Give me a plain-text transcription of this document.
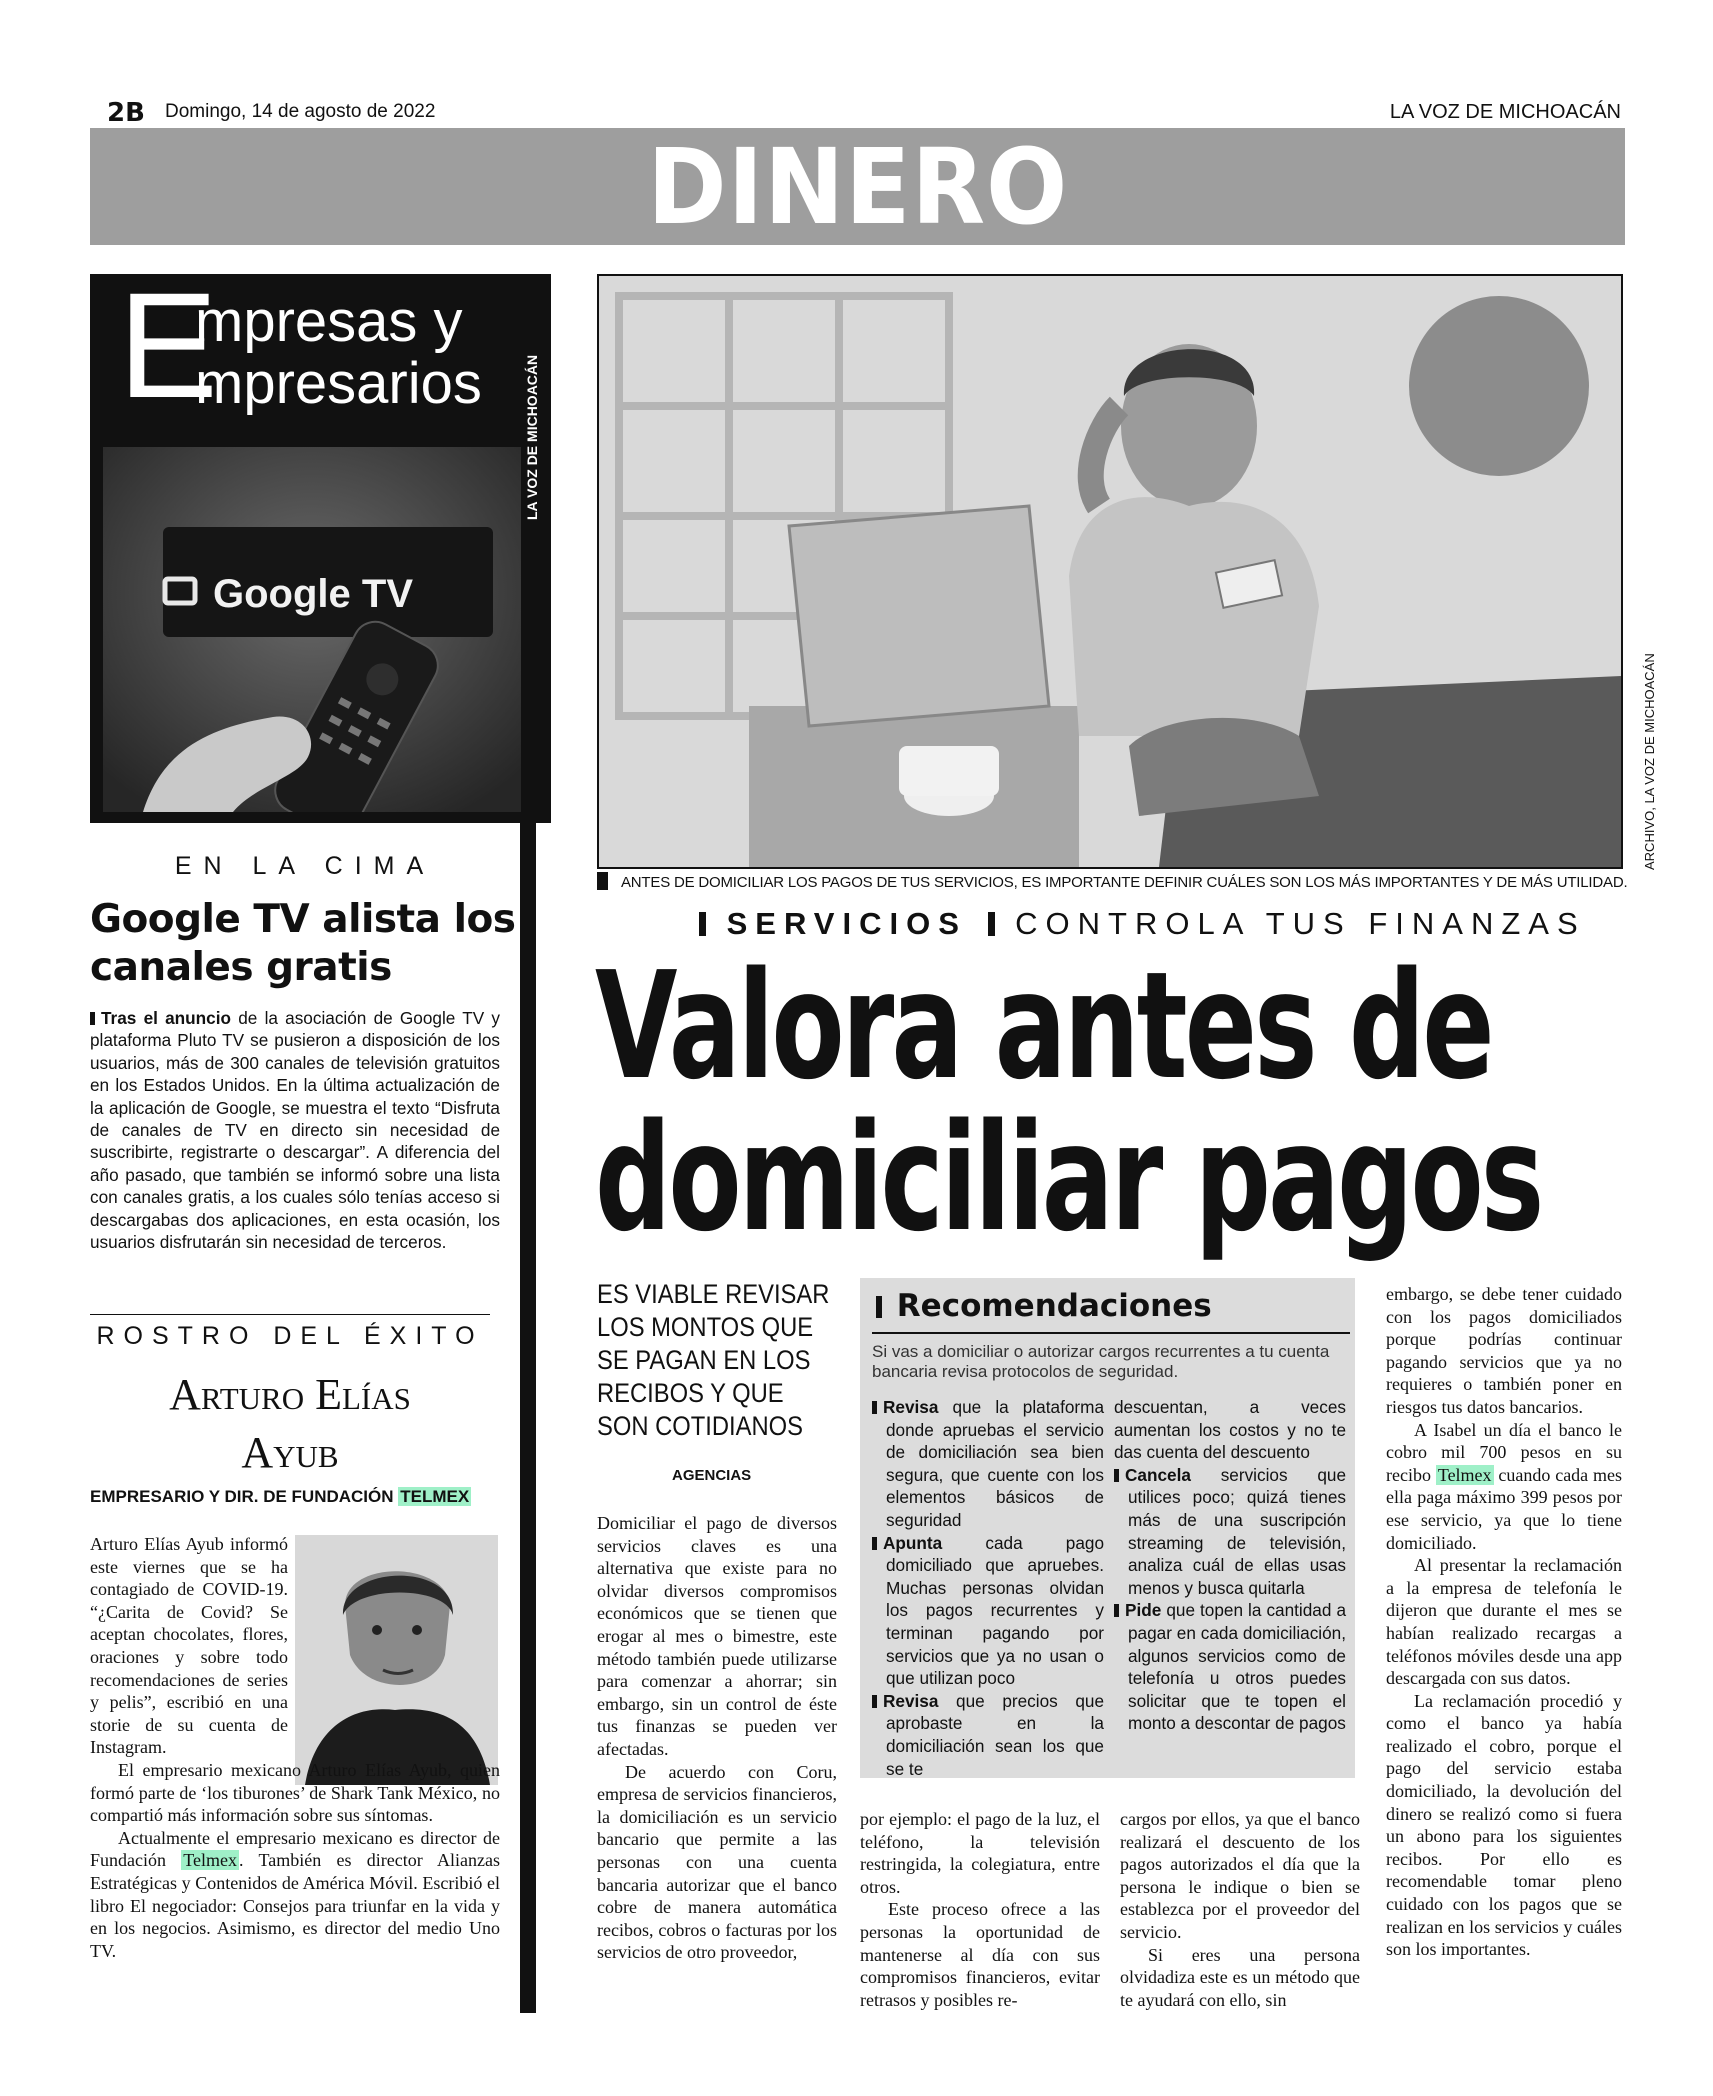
2B Domingo, 14 de agosto de 2022	LA VOZ DE MICHOACÁN
DINERO
E
mpresas y
mpresarios
Google TV
LA VOZ DE MICHOACÁN
EN LA CIMA
Google TV alista los canales gratis
Tras el anuncio de la asociación de Google TV y plataforma Pluto TV se pusieron a disposición de los usuarios, más de 300 canales de televisión gratuitos en los Estados Unidos. En la última actualización de la aplicación de Google, se muestra el texto “Disfruta de canales de TV en directo sin necesidad de suscribirte, registrarte o descargar”. A diferencia del año pasado, que también se informó sobre una lista con canales gratis, a los cuales sólo tenías acceso si descargabas dos aplicaciones, en esta ocasión, los usuarios disfrutarán sin necesidad de terceros.
ROSTRO DEL ÉXITO
Arturo Elías
Ayub
EMPRESARIO Y DIR. DE FUNDACIÓN TELMEX

Arturo Elías Ayub informó este viernes que se ha contagiado de COVID-19. “¿Carita de Covid? Se aceptan chocolates, flores, oraciones y sobre todo recomendaciones de series y pelis”, escribió en una storie de su cuenta de Instagram.

El empresario mexicano Arturo Elías Ayub, quien formó parte de ‘los tiburones’ de Shark Tank México, no compartió más información sobre sus síntomas.

Actualmente el empresario mexicano es director de Fundación Telmex . También es director Alianzas Estratégicas y Contenidos de América Móvil. Escribió el libro El negociador: Consejos para triunfar en la vida y en los negocios. Asimismo, es director del medio Uno TV.

ARCHIVO, LA VOZ DE MICHOACÁN
ANTES DE DOMICILIAR LOS PAGOS DE TUS SERVICIOS, ES IMPORTANTE DEFINIR CUÁLES SON LOS MÁS IMPORTANTES Y DE MÁS UTILIDAD.
SERVICIOS CONTROLA TUS FINANZAS
Valora antes de
domiciliar pagos
ES VIABLE REVISAR LOS MONTOS QUE SE PAGAN EN LOS RECIBOS Y QUE SON COTIDIANOS
AGENCIAS

Domiciliar el pago de diversos servicios claves es una alternativa que existe para no olvidar diversos compromisos económicos que se tienen que erogar al mes o bimestre, este método también puede utilizarse para comenzar a ahorrar; sin embargo, sin un control de éste tus finanzas se pueden ver afectadas.

De acuerdo con Coru, empresa de servicios financieros, la domiciliación es un servicio bancario que permite a las personas con una cuenta bancaria autorizar que el banco cobre de manera automática recibos, cobros o facturas por los servicios de otro proveedor,

Recomendaciones
Si vas a domiciliar o autorizar cargos recurrentes a tu cuenta bancaria revisa protocolos de seguridad.

Revisa que la plataforma donde apruebas el servicio de domiciliación sea bien segura, que cuente con los elementos básicos de seguridad

Apunta	cada pago domiciliado que apruebes. Muchas personas olvidan los pagos recurrentes y terminan pagando por servicios que ya no usan o que utilizan poco

Revisa que precios que aprobaste en la domiciliación sean los que se te

descuentan, a veces aumentan los costos y no te das cuenta del descuento

Cancela servicios que utilices poco; quizá tienes más de una suscripción streaming de televisión, analiza cuál de ellas usas menos y busca quitarla

Pide que topen la cantidad a pagar en cada domiciliación, algunos servicios como de telefonía u otros puedes solicitar que te topen el monto a descontar de pagos

por ejemplo: el pago de la luz, el teléfono, la televisión restringida, la colegiatura, entre otros.

Este proceso ofrece a las personas la oportunidad de mantenerse al día con sus compromisos financieros, evitar retrasos y posibles re-

cargos por ellos, ya que el banco realizará el descuento de los pagos autorizados el día que la persona le indique o bien se establezca por el proveedor del servicio.

Si eres una persona olvidadiza este es un método que te ayudará con ello, sin

embargo, se debe tener cuidado con los pagos domiciliados porque podrías continuar pagando servicios que ya no requieres o también poner en riesgos tus datos bancarios.

A Isabel un día el banco le cobro mil 700 pesos en su recibo Telmex cuando cada mes ella paga máximo 399 pesos por ese servicio, ya que lo tiene domiciliado.

Al presentar la reclamación a la empresa de telefonía le dijeron que durante el mes se habían realizado recargas a teléfonos móviles desde una app descargada con sus datos.

La reclamación procedió y como el banco ya había realizado el cobro, porque el pago del servicio estaba domiciliado, la devolución del dinero se realizó como si fuera un abono para los siguientes recibos. Por ello es recomendable tomar pleno cuidado con los pagos que se realizan en los servicios y cuáles son los importantes.
